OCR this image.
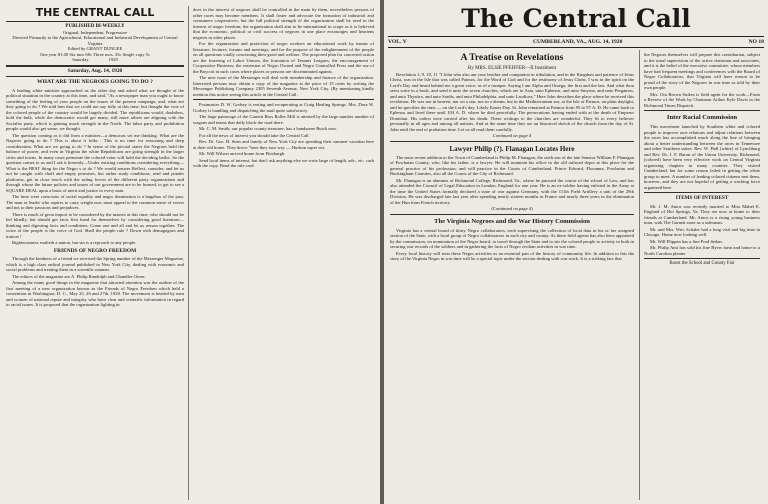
THE CENTRAL CALL
PUBLISHED BI-WEEKLY
Original, Independent, Progressive
Devoted Primarily to the Agricultural, Educational and Industrial Development of Central Virginia
Edited by GRANT DUNGEE
One year $1.00 Six mos 60c Three mos. 35c Single copy 5c
Saturday	1920
Saturday, Aug. 14, 1920
WHAT ARE THE NEGROES GOING TO DO ?

A leading white minister approached us the other day and asked what we thought of the political situation in the country at this time, and said, "As a newspaper man you ought to know something of the feeling of your people on the issues of the present campaign, and, what are they going to do ? We told him that we could not say fully at this time, but thought the vote of the colored people of the country would be largely divided. The republicans would, doubtless, hold the bulk, while the democratic would get many, still more others are aligning with the Socialist party, which is gaining much strength in the North. The labor party and prohibition people would also get some, we thought.

The question coming as it did from a minister—a democrat set me thinking. What are the Negroes going to do ? This is about it folks : This is no time for reasoning and deep consideration. What are we going to do ? In sense of the pivotal states the Negroes hold the balance of power, and even in Virginia the white Republicans are going strength in the larger cities and towns. In many cases permeate the colored voter will hold the deciding ballot. So the question comes to us and I ask it honestly—Under existing conditions considering everything—What is the BEST thing for the Negro s to do ? We would answer Reflect, consider, and let us not be caught with chaff and empty promises, but rather study conditions, read and ponder platforms, get in close touch with the ruling forces of the different party organizations and through whose the future policies and issues of our government are to be formed, to get to see a SQUARE DEAL upon a basis of merit and justice to every man.

The time were conscious of social equality and negro domination is a bugaboo of the past. The man or leader who aspires to carry weight now must appeal to the common sense of voters and not to their passions and prejudices.

There is much of great import to be considered by the masses at this time, who should not be led blindly, but should get facts first hand for themselves by considering good literature—thinking and digesting facts and conditions. Come one and all and let us reason together. The voice of the people is the voice of God. Shall the people rule ? Down with demagogues and traitors !

Righteousness exalteth a nation, but sin is a reproach to any people.

FRIENDS OF NEGRO FREEDOM

Through the kindness of a friend we received the Spring number of the Messenger Magazine, which is a high class radical journal published in New York City, dealing with economic and social problems and treating them in a scientific manner.

The editors of the magazine are A. Philip Randolph and Chandler Owen.

Among the many good things in the magazine that attracted attention was the outline of the first meeting of a new organization known as the Friends of Negro Freedom which held a convention in Washington, D. C., May 25, 26 and 27th, 1920. The movement is headed by men and women of national repute and integrity who have clear and scientific information in regard to racial issues. It is proposed that the organization fighting in

does in the interest of negroes shall be controlled in the main by them, nevertheless persons of other races may become members. It shall foster and advocate the formation of industrial and consumers cooperatives, but the full political strength of the organization shall be used in the interest of negro freedom; the organization shall aim to be international in scope as it is believed that the economic, political or civil success of negroes in one place encourages and heartens negroes in other places.

For the organization and protection of negro workers an educational work by means of literature, lectures, forums and meetings, and for the purpose of the enlightenment of the people on all questions vitally concerning their good and welfare. The proposed plan for concerted action are the fostering of Labor Unions, the formation of Tenants Leagues, the encouragement of Cooperative Business; the extension of Negro Owned and Negro Controlled Press and the use of the Boycott in such cases where places or persons are discriminated against.

The next issue of the Messenger will deal with membership and finance of the organization. Interested persons may obtain a copy of the magazine at the price of 15 cents by writing the Messenger Publishing Company 2305 Seventh Avenue, New York City. (By mentioning kindly mention this notice seeing this article in the Central Call.

Postmaster D. W. Godsey is resting and recuperating at Craig Healing Springs. Mrs. Dora W. Godsey is handling and dispatching the mail quite satisfactory.

The large patronage of the Garnett Bros Roller Mill is attested by the large number number of wagons and teams that daily block the road there.

Mr. C. M. Smith, our popular county treasurer, has a handsome Buick now.

For all the news of interest you should take the Central Call.

Rev. Dr. Geo. H. Sims and family of New York City are spending their summer vacation here at their old home. They drove "here they tour way — Hudson super sex.

Mr. Will Wilson arrived home from Pittsburgh.

Send local items of interest, but don't ask anything else we write large of length, adv., etc. cash with the copy. Read the rule card.

The Central Call
VOL. V	CUMBERLAND, VA., AUG. 14, 1920	NO 18
A Treatise on Revelations
By MRS. ELSIE PFEIFFER—II Instalment

Revelation 1, 9, 10, 11 "I John who also am your brother and companion in tribulation, and in the Kingdom and patience of Jesus Christ, was in the Isle that was called Patmos, for the Word of God and for the testimony of Jesus Christ. I was in the spirit on the Lord's Day and heard behind me a great voice, as of a trumpet. Saying I am Alpha and Omega, the first and the last. And what thou seest write in a book, and send it unto the seven churches, which are in Asia, unto Ephesus, and unto Smyrna, and unto Pergamos, and unto Thyatira, and unto Sardis, and unto Philadelphia, and unto Laodicea." Here John describes the place where he received this revelation. He was not in heaven, nor on a star, nor in a dream, but in the Mediterranean sea, at the Isle of Patmos, on plain daylight, and he specifies the time — on the Lord's day. Likely Easter Day. St. John remained at Patmos from 95 to 97 A. D. He came back to Ephesus and lived there until 104 A. D. where he died peacefully. The persecutions having ended with at the death of Emperor Domitian. His orders were carried after his death. These writings to the churches are wonderful. They fit to every believer personally in all ages and among all nations. And at the same time they are an historical sketch of the church from the day of St. John until the end of probation time. Let us all read them carefully.

Continued on page 4
Lawyer Philip (?). Flanagan Locates Here

The most recent addition to the Town of Cumberland is Philip M. Flanagan, the sixth son of the late Senator William F. Flanagan of Powhatan County, who, like his father, is a lawyer. He will maintain his office in the old railroad depot at this place for the general practice of his profession, and will practice in the Courts of Cumberland, Prince Edward, Fluvanna, Powhatan and Buckingham Counties, also all the Courts of the City of Richmond.

Mr. Flanagan is an alumnus of Richmond College, Richmond, Va., where he pursued the course of the school of Law, and has also attended the Council of Legal Education in London, England for one year. He is an ex-soldier having enlisted in the Army at the time the United States formally declared a state of war against Germany, with the 111th Field Artillery a unit of the 29th Division. He was discharged late last year after spending nearly sixteen months in France and nearly three years in the elimination of the Hun from French territory.

(Continued on page 4)
The Virginia Negroes and the War History Commission

Virginia has a central board of thirty Negro collaborators, each supervising the collection of local data in his or her assigned section of the State, with a local group of Negro collaborators in each city and county. As these field agents has also been appointed by the commission, on nomination of the Negro board, to travel through the State and to stir the colored people to activity in both in securing war records of the soldiers and in gathering the facts of Negro civilian activities in war time.

Every local history will treat these Negro activities as an essential part of the history of community life. In addition to this the story of the Virginia Negro in war time will be a special topic under the section dealing with war work. It is a striking fact that

the Negroes themselves will prepare this contribution, subject to the usual supervision of the active chairman and associates, and it is the belief of the executive committee, whose members have had frequent meetings and conferences with the Board of Negro Collaborators, that Virginia will have reason to be proud of the story of the Negroes in war time as told by their own people.

Mrs. Ora Brown Stokes is field agent for the work—From a Review of the Work by Chairman Arthur Kyle Davis in the Richmond Times Dispatch.

Inter Racial Commission

This movement launched by Southern white and colored people to improve race relations and adjust relations between the races has accomplished much along the line of bringing about a better understanding between the races in Tennessee and other Southern states. Rev. W. Hall (white) of Lynchburg and Rev. Dr. J. F. Baron of the Union University, Richmond, (colored) have been very effective work on Central Virginia organizing chapters in many counties. They visited Cumberland, but for some reason failed in getting the white group to meet. A number of leading colored citizens met them, however, and they are not hopeful of getting a working force organized here.

ITEMS OF INTEREST

Mr. J. M. Amos was recently married to Miss Mabel E. England of Hot Springs, Va. They are now at home to their friends at Cumberland. Mr. Amos is a rising young business man, with The Garnett store as a salesman.

Mr. and Mrs. Wm. Schaler had a long visit and big time in Chicago. Home now looking well.

Mr. Will Flippen has a fine Ford Sedan.

Mr. Philip Ami has sold his fine Byers farm and home to a North Carolina planter

Boost the School and County Fair
